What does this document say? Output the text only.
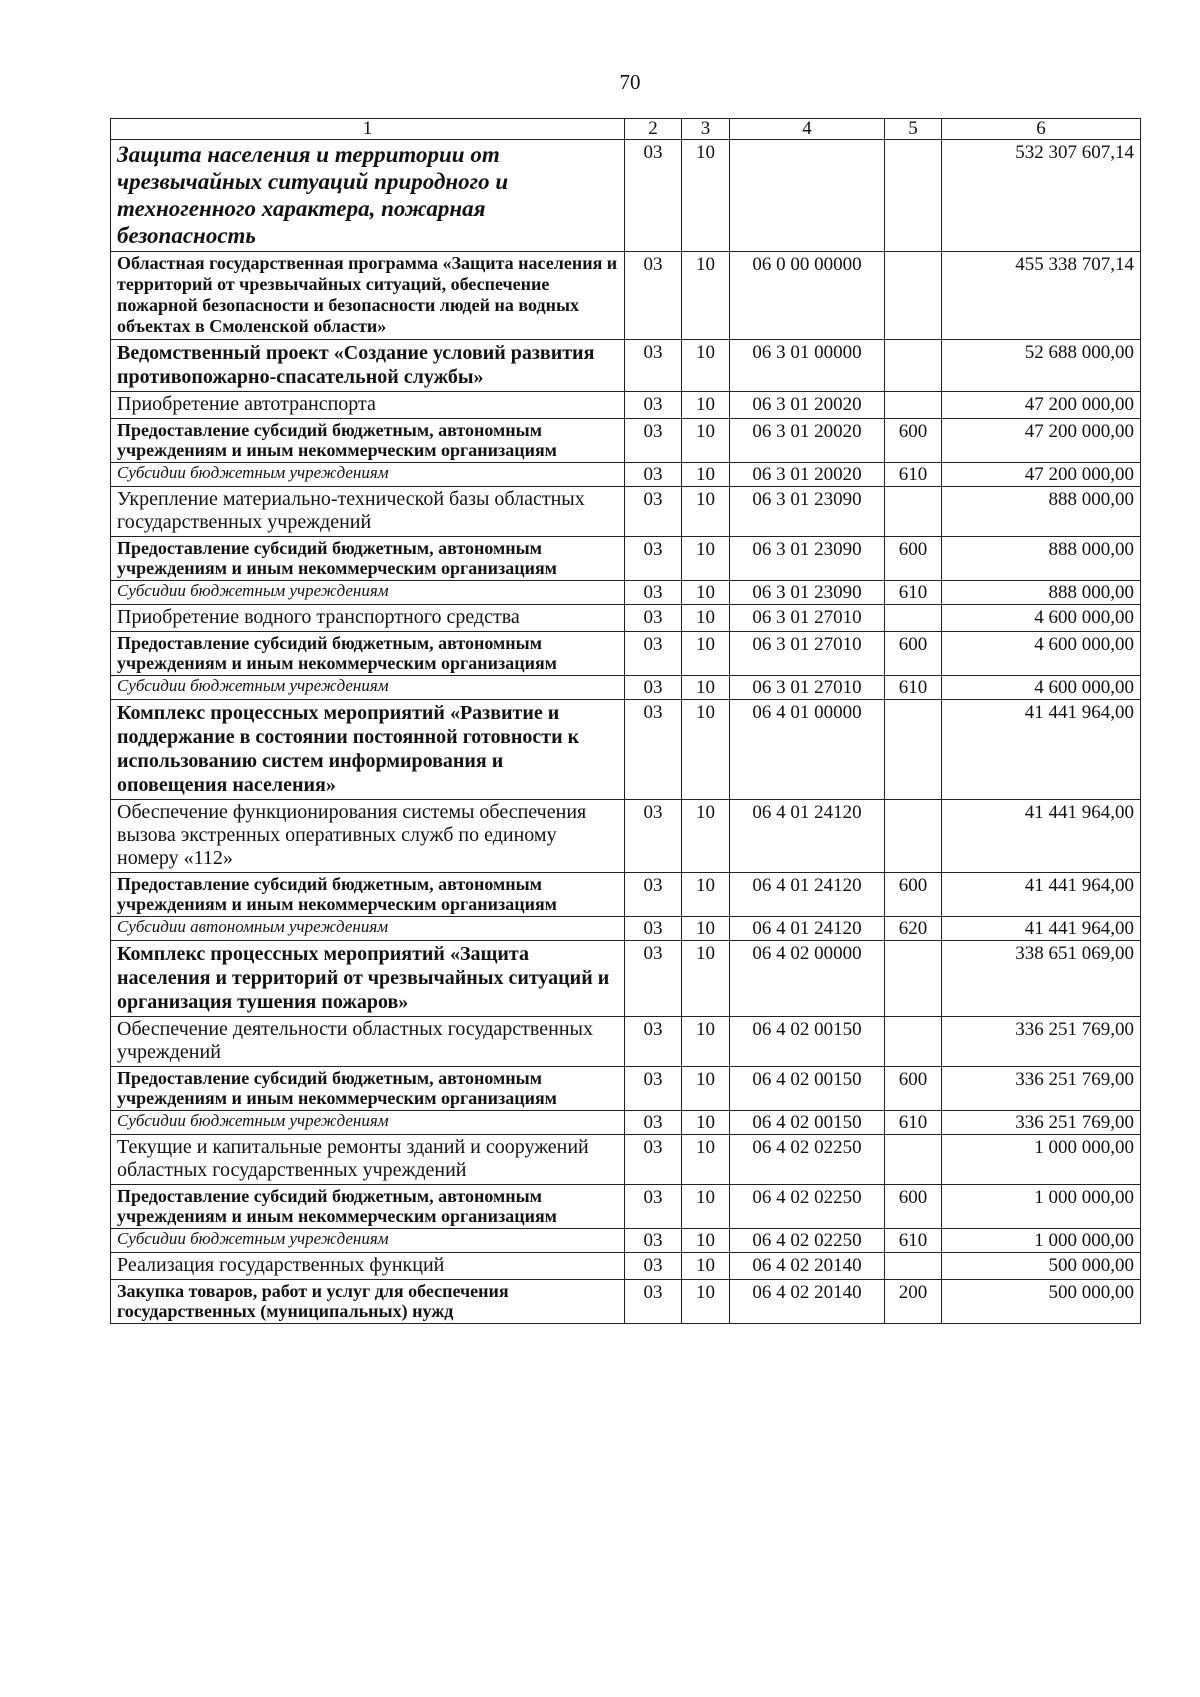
70
1	2	3	4	5	6
Защита населения и территории от чрезвычайных ситуаций природного и техногенного характера, пожарная безопасность	03	10			532 307 607,14
Областная государственная программа «Защита населения и территорий от чрезвычайных ситуаций, обеспечение пожарной безопасности и безопасности людей на водных объектах в Смоленской области»	03	10	06 0 00 00000		455 338 707,14
Ведомственный проект «Создание условий развития противопожарно-спасательной службы»	03	10	06 3 01 00000		52 688 000,00
Приобретение автотранспорта	03	10	06 3 01 20020		47 200 000,00
Предоставление субсидий бюджетным, автономным учреждениям и иным некоммерческим организациям	03	10	06 3 01 20020	600	47 200 000,00
Субсидии бюджетным учреждениям	03	10	06 3 01 20020	610	47 200 000,00
Укрепление материально-технической базы областных государственных учреждений	03	10	06 3 01 23090		888 000,00
Предоставление субсидий бюджетным, автономным учреждениям и иным некоммерческим организациям	03	10	06 3 01 23090	600	888 000,00
Субсидии бюджетным учреждениям	03	10	06 3 01 23090	610	888 000,00
Приобретение водного транспортного средства	03	10	06 3 01 27010		4 600 000,00
Предоставление субсидий бюджетным, автономным учреждениям и иным некоммерческим организациям	03	10	06 3 01 27010	600	4 600 000,00
Субсидии бюджетным учреждениям	03	10	06 3 01 27010	610	4 600 000,00
Комплекс процессных мероприятий «Развитие и поддержание в состоянии постоянной готовности к использованию систем информирования и оповещения населения»	03	10	06 4 01 00000		41 441 964,00
Обеспечение функционирования системы обеспечения вызова экстренных оперативных служб по единому номеру «112»	03	10	06 4 01 24120		41 441 964,00
Предоставление субсидий бюджетным, автономным учреждениям и иным некоммерческим организациям	03	10	06 4 01 24120	600	41 441 964,00
Субсидии автономным учреждениям	03	10	06 4 01 24120	620	41 441 964,00
Комплекс процессных мероприятий «Защита населения и территорий от чрезвычайных ситуаций и организация тушения пожаров»	03	10	06 4 02 00000		338 651 069,00
Обеспечение деятельности областных государственных учреждений	03	10	06 4 02 00150		336 251 769,00
Предоставление субсидий бюджетным, автономным учреждениям и иным некоммерческим организациям	03	10	06 4 02 00150	600	336 251 769,00
Субсидии бюджетным учреждениям	03	10	06 4 02 00150	610	336 251 769,00
Текущие и капитальные ремонты зданий и сооружений областных государственных учреждений	03	10	06 4 02 02250		1 000 000,00
Предоставление субсидий бюджетным, автономным учреждениям и иным некоммерческим организациям	03	10	06 4 02 02250	600	1 000 000,00
Субсидии бюджетным учреждениям	03	10	06 4 02 02250	610	1 000 000,00
Реализация государственных функций	03	10	06 4 02 20140		500 000,00
Закупка товаров, работ и услуг для обеспечения государственных (муниципальных) нужд	03	10	06 4 02 20140	200	500 000,00
